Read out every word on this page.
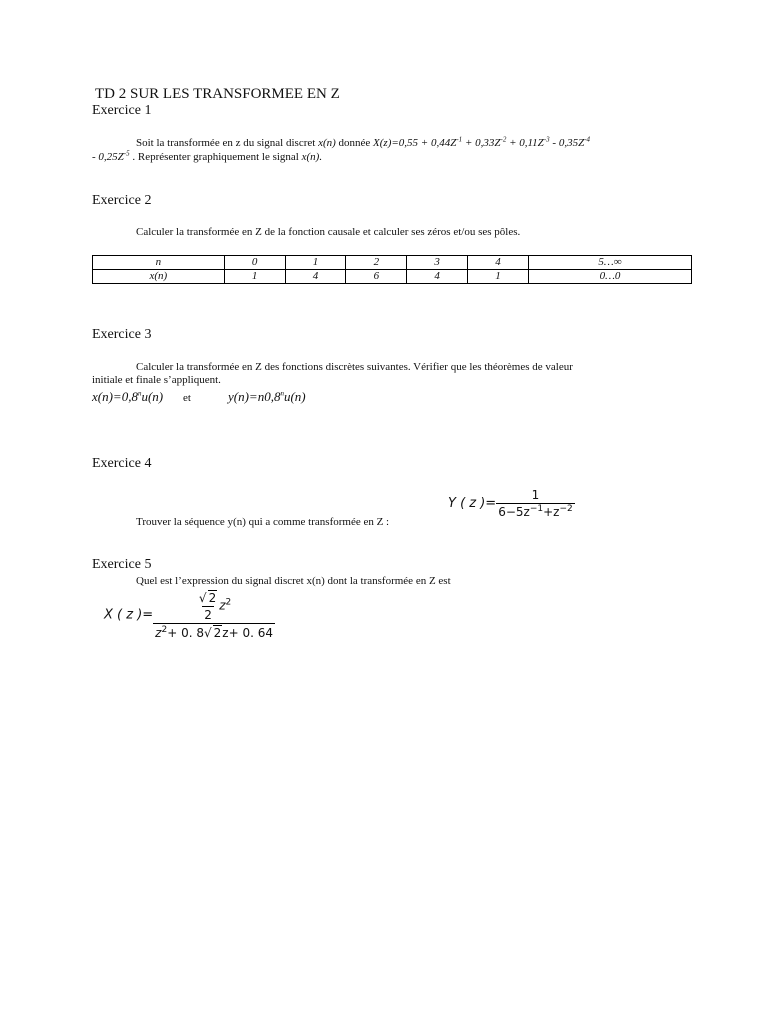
TD 2 SUR LES TRANSFORMEE EN Z
Exercice 1
Soit la transformée en z du signal discret x(n) donnée $X(z)=0,55 + 0,44Z^{-1} + 0,33Z^{-2} + 0,11Z^{-3} - 0,35Z^{-4}$
- $0,25Z^{-5}$ . Représenter graphiquement le signal x(n).
Exercice 2
Calculer la transformée en Z de la fonction causale et calculer ses zéros et/ou ses pôles.
n	0	1	2	3	4	5…∞
x(n)	1	4	6	4	1	0…0
Exercice 3
Calculer la transformée en Z des fonctions discrètes suivantes. Vérifier que les théorèmes de valeur
initiale et finale s’appliquent.
$x(n)=0,8^nu(n)$ et	$y(n)=n0,8^nu(n)$
Exercice 4
Trouver la séquence y(n) qui a comme transformée en Z :
Y ( z )= $\frac{1}{6-5z^{-1}+z^{-2}}$
Exercice 5
Quel est l’expression du signal discret x(n) dont la transformée en Z est
X ( z )= $\frac{\frac{√ 2}{2} z^2}{z^2+ 0. 8√ 2z+ 0. 64}$
